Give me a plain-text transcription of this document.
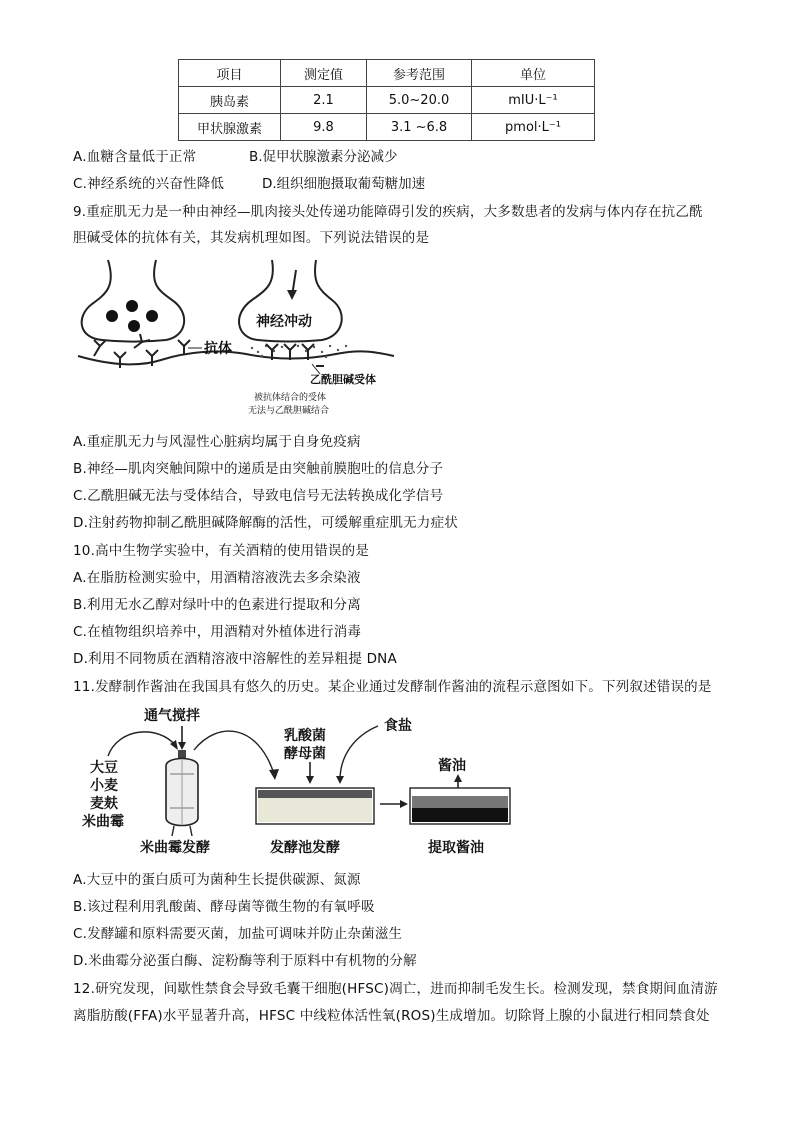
项目	测定值	参考范围	单位
胰岛素	2.1	5.0~20.0	mIU·L⁻¹
甲状腺激素	9.8	3.1 ~6.8	pmol·L⁻¹
A.血糖含量低于正常	B.促甲状腺激素分泌减少
C.神经系统的兴奋性降低	D.组织细胞摄取葡萄糖加速
9.重症肌无力是一种由神经—肌肉接头处传递功能障碍引发的疾病，大多数患者的发病与体内存在抗乙酰
胆碱受体的抗体有关，其发病机理如图。下列说法错误的是
神经冲动
抗体
乙酰胆碱受体
被抗体结合的受体
无法与乙酰胆碱结合
A.重症肌无力与风湿性心脏病均属于自身免疫病
B.神经—肌肉突触间隙中的递质是由突触前膜胞吐的信息分子
C.乙酰胆碱无法与受体结合，导致电信号无法转换成化学信号
D.注射药物抑制乙酰胆碱降解酶的活性，可缓解重症肌无力症状
10.高中生物学实验中，有关酒精的使用错误的是
A.在脂肪检测实验中，用酒精溶液洗去多余染液
B.利用无水乙醇对绿叶中的色素进行提取和分离
C.在植物组织培养中，用酒精对外植体进行消毒
D.利用不同物质在酒精溶液中溶解性的差异粗提 DNA
11.发酵制作酱油在我国具有悠久的历史。某企业通过发酵制作酱油的流程示意图如下。下列叙述错误的是
通气搅拌
大豆
小麦
麦麸
米曲霉
米曲霉发酵
乳酸菌
酵母菌
食盐
发酵池发酵
酱油
提取酱油
A.大豆中的蛋白质可为菌种生长提供碳源、氮源
B.该过程利用乳酸菌、酵母菌等微生物的有氧呼吸
C.发酵罐和原料需要灭菌，加盐可调味并防止杂菌滋生
D.米曲霉分泌蛋白酶、淀粉酶等利于原料中有机物的分解
12.研究发现，间歇性禁食会导致毛囊干细胞(HFSC)凋亡，进而抑制毛发生长。检测发现，禁食期间血清游
离脂肪酸(FFA)水平显著升高，HFSC 中线粒体活性氧(ROS)生成增加。切除肾上腺的小鼠进行相同禁食处
